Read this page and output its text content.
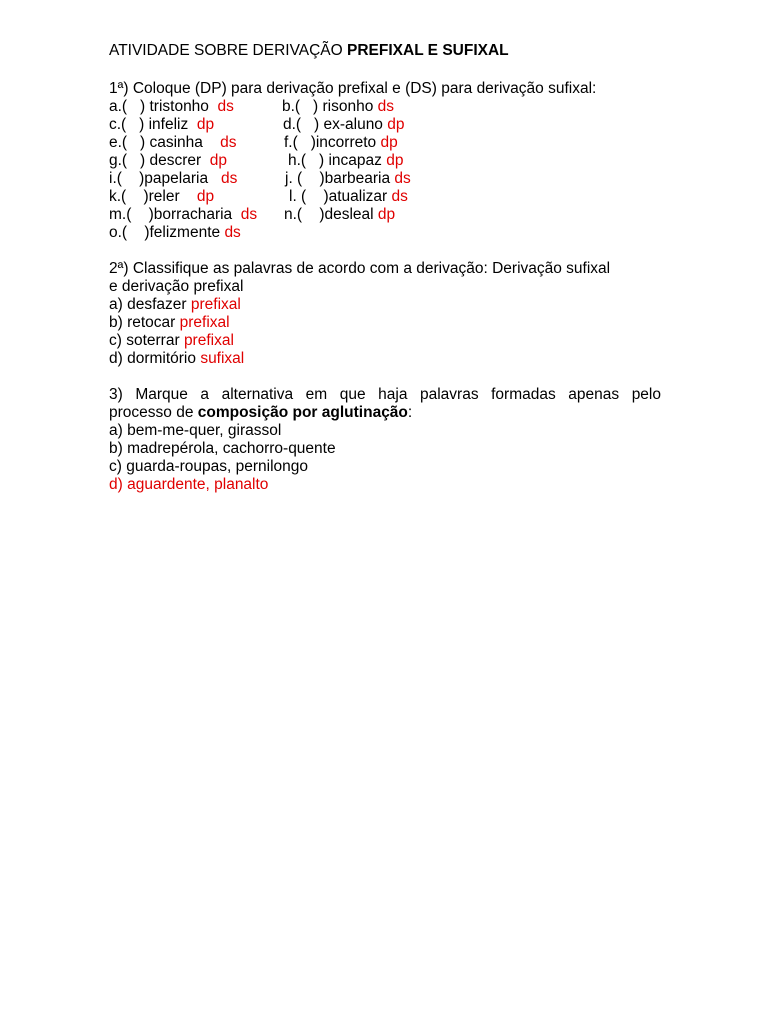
ATIVIDADE SOBRE DERIVAÇÃO PREFIXAL E SUFIXAL

1ª) Coloque (DP) para derivação prefixal e (DS) para derivação sufixal:

a.(   ) tristonho  ds	b.(   ) risonho ds
c.(   ) infeliz  dp	d.(   ) ex-aluno dp
e.(   ) casinha    ds	f.(   )incorreto dp
g.(   ) descrer  dp	h.(   ) incapaz dp
i.(    )papelaria   ds	j. (    )barbearia ds
k.(    )reler    dp	l. (    )atualizar ds
m.(    )borracharia  ds n.(    )desleal dp
o.(    )felizmente ds

2ª) Classifique as palavras de acordo com a derivação: Derivação sufixal

e derivação prefixal

a) desfazer prefixal

b) retocar prefixal

c) soterrar prefixal

d) dormitório sufixal

3) Marque a alternativa em que haja palavras formadas apenas pelo

processo de composição por aglutinação:

a) bem-me-quer, girassol

b) madrepérola, cachorro-quente

c) guarda-roupas, pernilongo

d) aguardente, planalto
